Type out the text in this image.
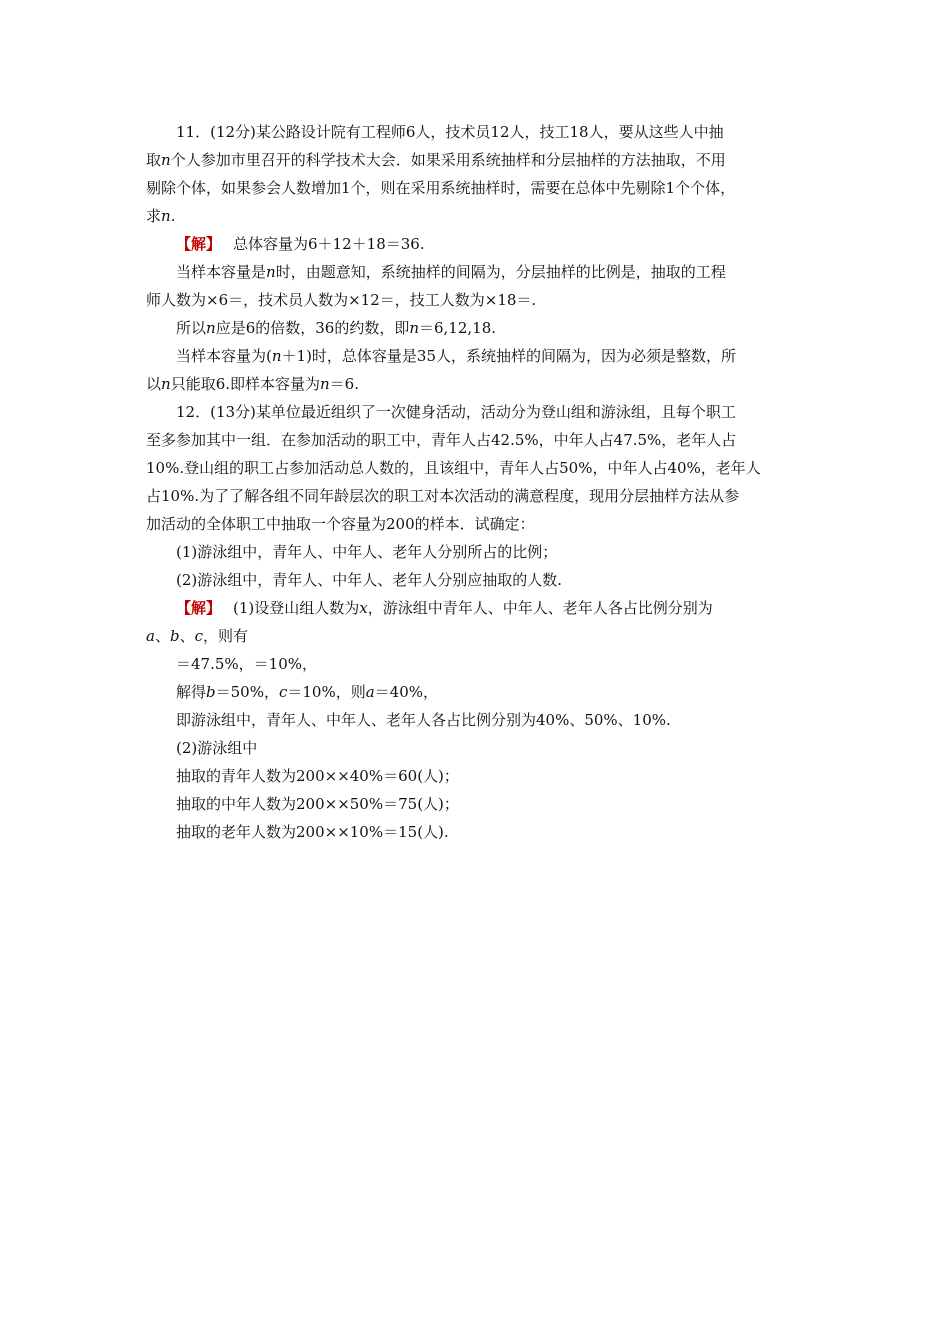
11．(12分)某公路设计院有工程师6人，技术员12人，技工18人，要从这些人中抽

取n个人参加市里召开的科学技术大会．如果采用系统抽样和分层抽样的方法抽取，不用

剔除个体，如果参会人数增加1个，则在采用系统抽样时，需要在总体中先剔除1个个体，

求n.

【解】 总体容量为6＋12＋18＝36.

当样本容量是n时，由题意知，系统抽样的间隔为，分层抽样的比例是，抽取的工程

师人数为×6＝，技术员人数为×12＝，技工人数为×18＝.

所以n应是6的倍数，36的约数，即n＝6,12,18.

当样本容量为(n＋1)时，总体容量是35人，系统抽样的间隔为，因为必须是整数，所

以n只能取6.即样本容量为n＝6.

12．(13分)某单位最近组织了一次健身活动，活动分为登山组和游泳组，且每个职工

至多参加其中一组．在参加活动的职工中，青年人占42.5%，中年人占47.5%，老年人占

10%.登山组的职工占参加活动总人数的，且该组中，青年人占50%，中年人占40%，老年人

占10%.为了了解各组不同年龄层次的职工对本次活动的满意程度，现用分层抽样方法从参

加活动的全体职工中抽取一个容量为200的样本．试确定：

(1)游泳组中，青年人、中年人、老年人分别所占的比例；

(2)游泳组中，青年人、中年人、老年人分别应抽取的人数.

【解】 (1)设登山组人数为x，游泳组中青年人、中年人、老年人各占比例分别为

a、b、c，则有

＝47.5%，＝10%，

解得b＝50%，c＝10%，则a＝40%，

即游泳组中，青年人、中年人、老年人各占比例分别为40%、50%、10%.

(2)游泳组中

抽取的青年人数为200××40%＝60(人)；

抽取的中年人数为200××50%＝75(人)；

抽取的老年人数为200××10%＝15(人).
